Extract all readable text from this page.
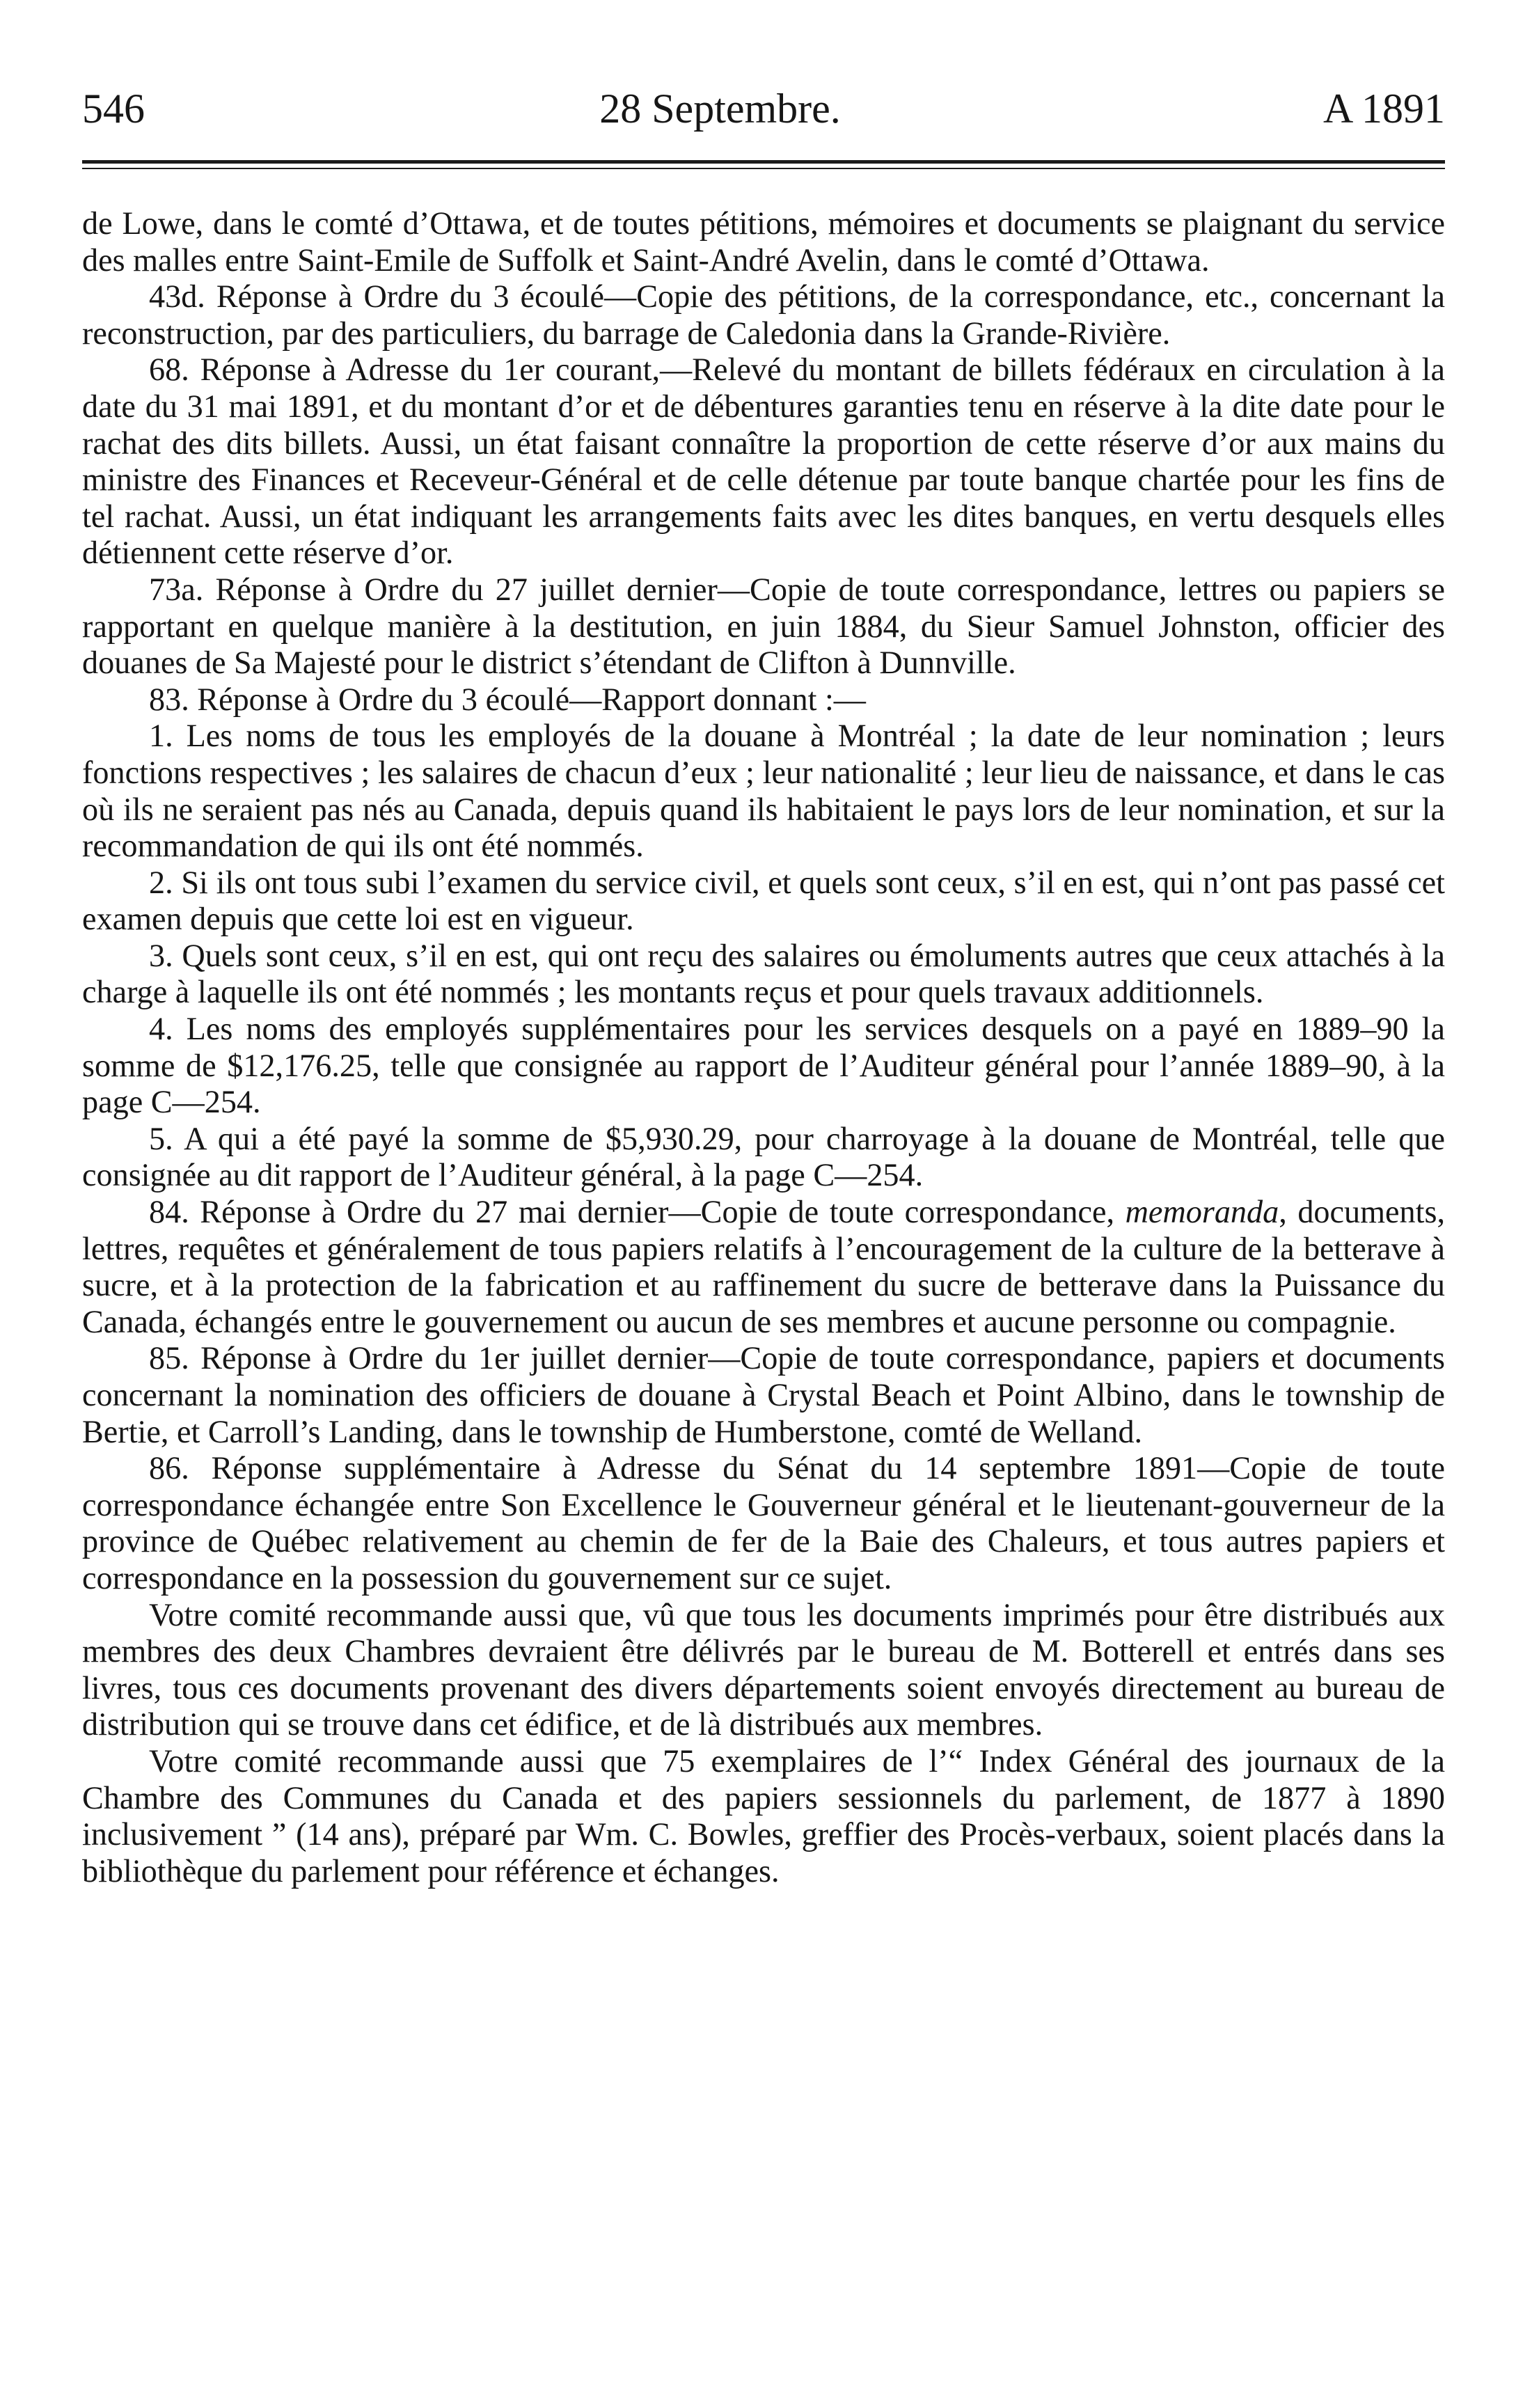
546	28 Septembre.	A 1891

de Lowe, dans le comté d’Ottawa, et de toutes pétitions, mémoires et documents se plaignant du service des malles entre Saint-Emile de Suffolk et Saint-André Avelin, dans le comté d’Ottawa.

43d. Réponse à Ordre du 3 écoulé—Copie des pétitions, de la correspondance, etc., concernant la reconstruction, par des particuliers, du barrage de Caledonia dans la Grande-Rivière.

68. Réponse à Adresse du 1er courant,—Relevé du montant de billets fédéraux en circulation à la date du 31 mai 1891, et du montant d’or et de débentures garanties tenu en réserve à la dite date pour le rachat des dits billets. Aussi, un état faisant connaître la proportion de cette réserve d’or aux mains du ministre des Finances et Receveur-Général et de celle détenue par toute banque chartée pour les fins de tel rachat. Aussi, un état indiquant les arrangements faits avec les dites banques, en vertu desquels elles détiennent cette réserve d’or.

73a. Réponse à Ordre du 27 juillet dernier—Copie de toute correspondance, lettres ou papiers se rapportant en quelque manière à la destitution, en juin 1884, du Sieur Samuel Johnston, officier des douanes de Sa Majesté pour le district s’étendant de Clifton à Dunnville.

83. Réponse à Ordre du 3 écoulé—Rapport donnant :—

1. Les noms de tous les employés de la douane à Montréal ; la date de leur nomination ; leurs fonctions respectives ; les salaires de chacun d’eux ; leur nationalité ; leur lieu de naissance, et dans le cas où ils ne seraient pas nés au Canada, depuis quand ils habitaient le pays lors de leur nomination, et sur la recommandation de qui ils ont été nommés.

2. Si ils ont tous subi l’examen du service civil, et quels sont ceux, s’il en est, qui n’ont pas passé cet examen depuis que cette loi est en vigueur.

3. Quels sont ceux, s’il en est, qui ont reçu des salaires ou émoluments autres que ceux attachés à la charge à laquelle ils ont été nommés ; les montants reçus et pour quels travaux additionnels.

4. Les noms des employés supplémentaires pour les services desquels on a payé en 1889–90 la somme de $12,176.25, telle que consignée au rapport de l’Auditeur général pour l’année 1889–90, à la page C—254.

5. A qui a été payé la somme de $5,930.29, pour charroyage à la douane de Montréal, telle que consignée au dit rapport de l’Auditeur général, à la page C—254.

84. Réponse à Ordre du 27 mai dernier—Copie de toute correspondance, memoranda, documents, lettres, requêtes et généralement de tous papiers relatifs à l’encouragement de la culture de la betterave à sucre, et à la protection de la fabrication et au raffinement du sucre de betterave dans la Puissance du Canada, échangés entre le gouvernement ou aucun de ses membres et aucune personne ou compagnie.

85. Réponse à Ordre du 1er juillet dernier—Copie de toute correspondance, papiers et documents concernant la nomination des officiers de douane à Crystal Beach et Point Albino, dans le township de Bertie, et Carroll’s Landing, dans le township de Humberstone, comté de Welland.

86. Réponse supplémentaire à Adresse du Sénat du 14 septembre 1891—Copie de toute correspondance échangée entre Son Excellence le Gouverneur général et le lieutenant-gouverneur de la province de Québec relativement au chemin de fer de la Baie des Chaleurs, et tous autres papiers et correspondance en la possession du gouvernement sur ce sujet.

Votre comité recommande aussi que, vû que tous les documents imprimés pour être distribués aux membres des deux Chambres devraient être délivrés par le bureau de M. Botterell et entrés dans ses livres, tous ces documents provenant des divers départements soient envoyés directement au bureau de distribution qui se trouve dans cet édifice, et de là distribués aux membres.

Votre comité recommande aussi que 75 exemplaires de l’“ Index Général des journaux de la Chambre des Communes du Canada et des papiers sessionnels du parlement, de 1877 à 1890 inclusivement ” (14 ans), préparé par Wm. C. Bowles, greffier des Procès-verbaux, soient placés dans la bibliothèque du parlement pour référence et échanges.
